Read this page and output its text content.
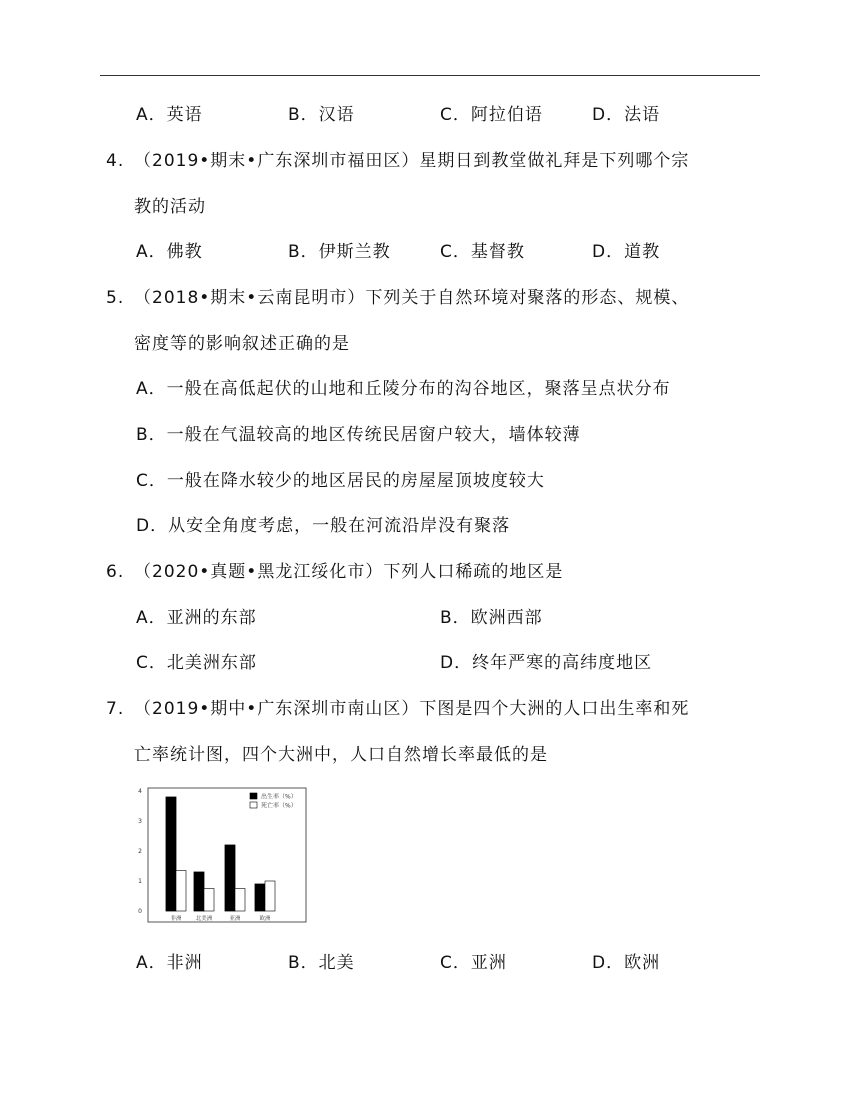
A．英语	B．汉语	C．阿拉伯语	D．法语
4. （2019•期末•广东深圳市福田区）星期日到教堂做礼拜是下列哪个宗
教的活动
A．佛教	B．伊斯兰教	C．基督教	D．道教
5. （2018•期末•云南昆明市）下列关于自然环境对聚落的形态、规模、
密度等的影响叙述正确的是
A．一般在高低起伏的山地和丘陵分布的沟谷地区，聚落呈点状分布
B．一般在气温较高的地区传统民居窗户较大，墙体较薄
C．一般在降水较少的地区居民的房屋屋顶坡度较大
D．从安全角度考虑，一般在河流沿岸没有聚落
6. （2020•真题•黑龙江绥化市）下列人口稀疏的地区是
A．亚洲的东部	B．欧洲西部
C．北美洲东部	D．终年严寒的高纬度地区
7. （2019•期中•广东深圳市南山区）下图是四个大洲的人口出生率和死
亡率统计图，四个大洲中，人口自然增长率最低的是
0
1
2
3
4
非洲	北美洲	亚洲	欧洲
出生率（%）
死亡率（%）
A．非洲	B．北美	C．亚洲	D．欧洲
